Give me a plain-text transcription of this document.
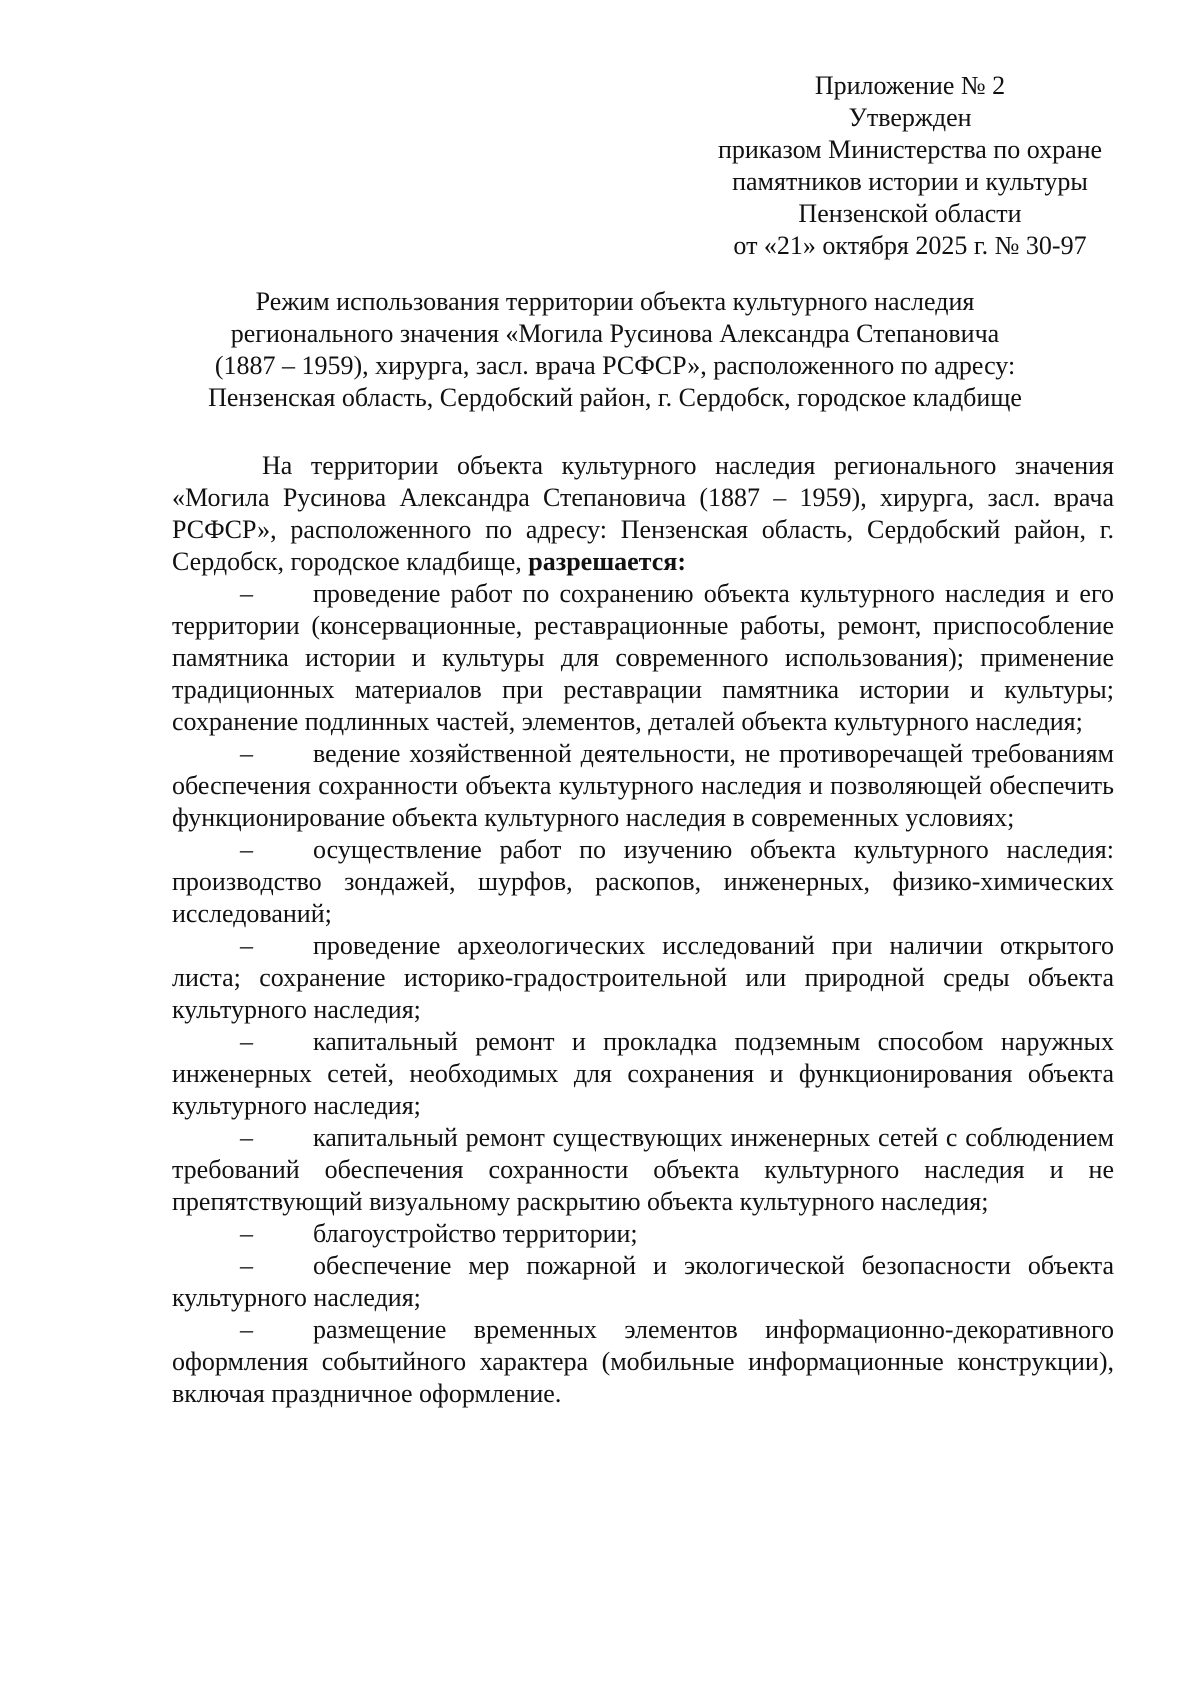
Приложение № 2
Утвержден
приказом Министерства по охране
памятников истории и культуры
Пензенской области
от «21» октября 2025 г. № 30-97
Режим использования территории объекта культурного наследия
регионального значения «Могила Русинова Александра Степановича
(1887 – 1959), хирурга, засл. врача РСФСР», расположенного по адресу:
Пензенская область, Сердобский район, г. Сердобск, городское кладбище

На территории объекта культурного наследия регионального значения «Могила Русинова Александра Степановича (1887 – 1959), хирурга, засл. врача РСФСР», расположенного по адресу: Пензенская область, Сердобский район, г. Сердобск, городское кладбище, разрешается:

– проведение работ по сохранению объекта культурного наследия и его территории (консервационные, реставрационные работы, ремонт, приспособление памятника истории и культуры для современного использования); применение традиционных материалов при реставрации памятника истории и культуры; сохранение подлинных частей, элементов, деталей объекта культурного наследия;

– ведение хозяйственной деятельности, не противоречащей требованиям обеспечения сохранности объекта культурного наследия и позволяющей обеспечить функционирование объекта культурного наследия в современных условиях;

– осуществление работ по изучению объекта культурного наследия: производство зондажей, шурфов, раскопов, инженерных, физико-химических исследований;

– проведение археологических исследований при наличии открытого листа; сохранение историко-градостроительной или природной среды объекта культурного наследия;

– капитальный ремонт и прокладка подземным способом наружных инженерных сетей, необходимых для сохранения и функционирования объекта культурного наследия;

– капитальный ремонт существующих инженерных сетей с соблюдением требований обеспечения сохранности объекта культурного наследия и не препятствующий визуальному раскрытию объекта культурного наследия;

– благоустройство территории;

– обеспечение мер пожарной и экологической безопасности объекта культурного наследия;

– размещение временных элементов информационно-декоративного оформления событийного характера (мобильные информационные конструкции), включая праздничное оформление.
